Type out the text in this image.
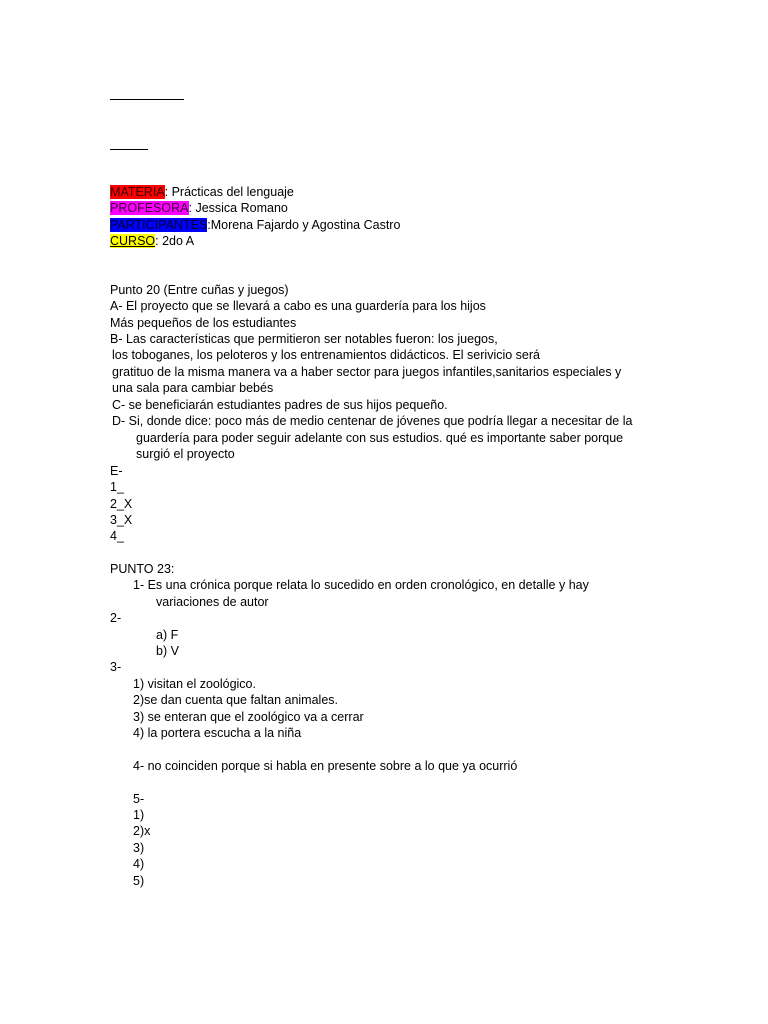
MATERIA: Prácticas del lenguaje
PROFESORA: Jessica Romano
PARTICIPANTES:Morena Fajardo y Agostina Castro
CURSO: 2do A
Punto 20 (Entre cuñas y juegos)
A- El proyecto que se llevará a cabo es una guardería para los hijos
Más pequeños de los estudiantes
B- Las características que permitieron ser notables fueron: los juegos,
los toboganes, los peloteros y los entrenamientos didácticos. El serivicio será
gratituo de la misma manera va a haber sector para juegos infantiles,sanitarios especiales y
una sala para cambiar bebés
C- se beneficiarán estudiantes padres de sus hijos pequeño.
D- Si, donde dice: poco más de medio centenar de jóvenes que podría llegar a necesitar de la
guardería para poder seguir adelante con sus estudios. qué es importante saber porque
surgió el proyecto
E-
1_
2_X
3_X
4_
PUNTO 23:
1- Es una crónica porque relata lo sucedido en orden cronológico, en detalle y hay
variaciones de autor
2-
a) F
b) V
3-
1) visitan el zoológico.
2)se dan cuenta que faltan animales.
3) se enteran que el zoológico va a cerrar
4) la portera escucha a la niña
4- no coinciden porque si habla en presente sobre a lo que ya ocurrió
5-
1)
2)x
3)
4)
5)
